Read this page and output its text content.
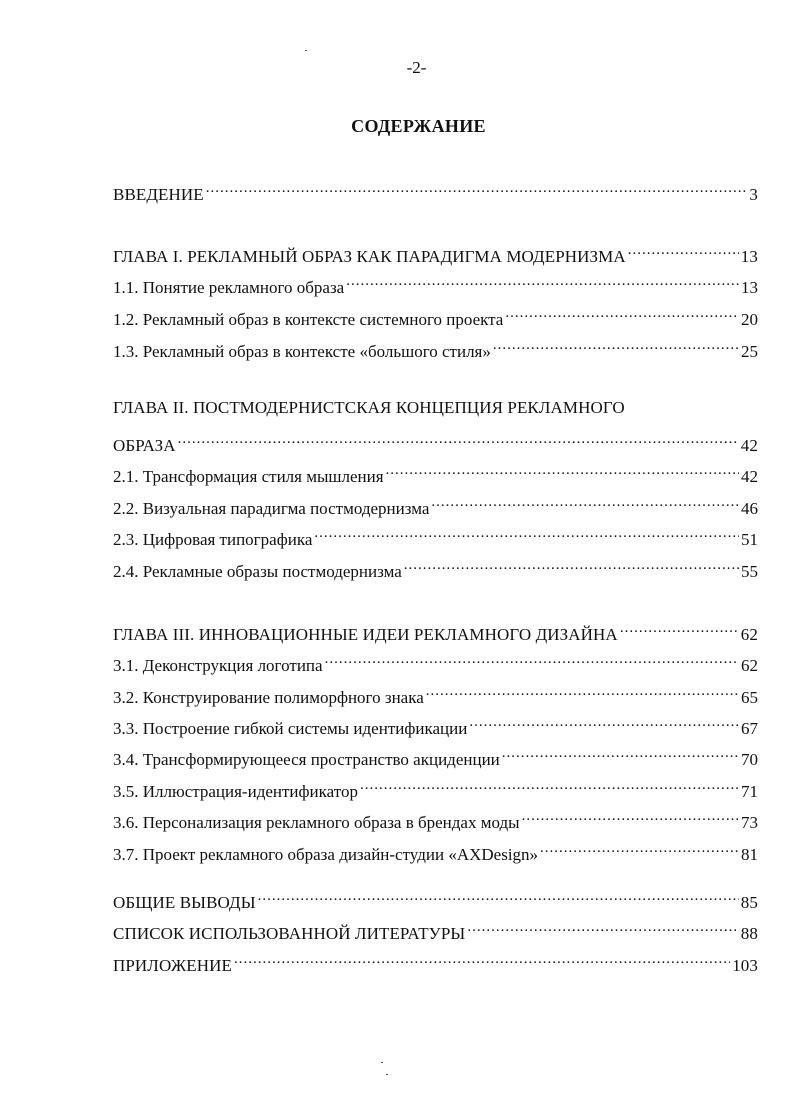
-2-
СОДЕРЖАНИЕ
ВВЕДЕНИЕ .....	3
ГЛАВА I. РЕКЛАМНЫЙ ОБРАЗ КАК ПАРАДИГМА МОДЕРНИЗМА .....	13
1.1. Понятие рекламного образа .....	13
1.2. Рекламный образ в контексте системного проекта .....	20
1.3. Рекламный образ в контексте «большого стиля» .....	25
ГЛАВА II. ПОСТМОДЕРНИСТСКАЯ КОНЦЕПЦИЯ РЕКЛАМНОГО
ОБРАЗА .....	42
2.1. Трансформация стиля мышления .....	42
2.2. Визуальная парадигма постмодернизма .....	46
2.3. Цифровая типографика .....	51
2.4. Рекламные образы постмодернизма .....	55
ГЛАВА III. ИННОВАЦИОННЫЕ ИДЕИ РЕКЛАМНОГО ДИЗАЙНА .....	62
3.1. Деконструкция логотипа .....	62
3.2. Конструирование полиморфного знака .....	65
3.3. Построение гибкой системы идентификации .....	67
3.4. Трансформирующееся пространство акциденции .....	70
3.5. Иллюстрация-идентификатор .....	71
3.6. Персонализация рекламного образа в брендах моды .....	73
3.7. Проект рекламного образа дизайн-студии «AXDesign» .....	81
ОБЩИЕ ВЫВОДЫ .....	85
СПИСОК ИСПОЛЬЗОВАННОЙ ЛИТЕРАТУРЫ .....	88
ПРИЛОЖЕНИЕ .....	103
